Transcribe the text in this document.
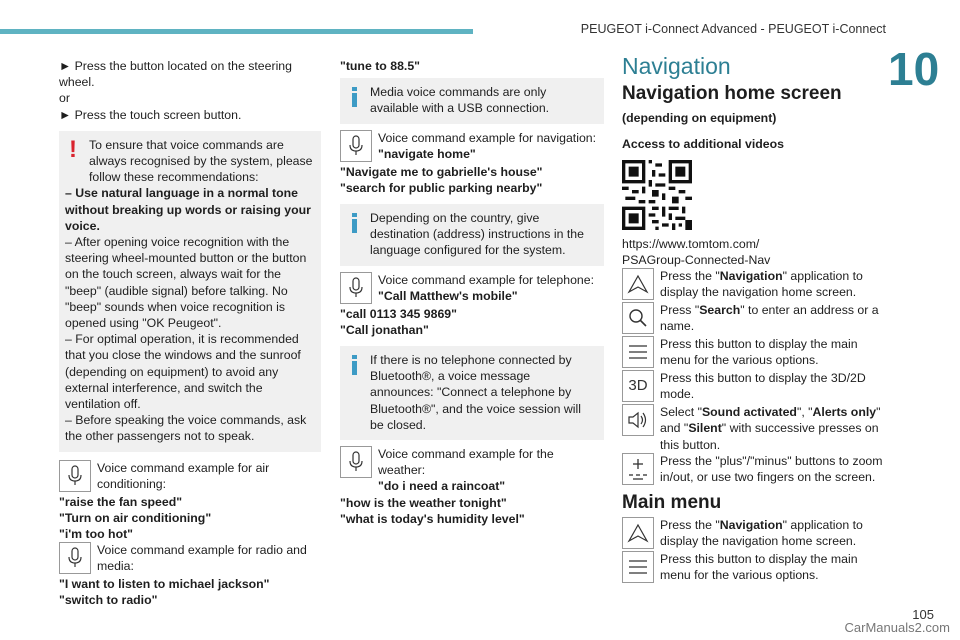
PEUGEOT i-Connect Advanced - PEUGEOT i-Connect
10

► Press the button located on the steering wheel.

or

► Press the touch screen button.

! To ensure that voice commands are always recognised by the system, please follow these recommendations:

– Use natural language in a normal tone without breaking up words or raising your voice.

– After opening voice recognition with the steering wheel-mounted button or the button on the touch screen, always wait for the "beep" (audible signal) before talking. No "beep" sounds when voice recognition is opened using "OK Peugeot".

– For optimal operation, it is recommended that you close the windows and the sunroof (depending on equipment) to avoid any external interference, and switch the ventilation off.

– Before speaking the voice commands, ask the other passengers not to speak.

Voice command example for air conditioning:

"raise the fan speed"

"Turn on air conditioning"

"i'm too hot"

Voice command example for radio and media:

"I want to listen to michael jackson"

"switch to radio"

"tune to 88.5"

Media voice commands are only available with a USB connection.

Voice command example for navigation:

"navigate home"

"Navigate me to gabrielle's house"

"search for public parking nearby"

Depending on the country, give destination (address) instructions in the language configured for the system.

Voice command example for telephone:

"Call Matthew's mobile"

"call 0113 345 9869"

"Call jonathan"

If there is no telephone connected by Bluetooth®, a voice message announces: "Connect a telephone by Bluetooth®", and the voice session will be closed.

Voice command example for the weather:

"do i need a raincoat"

"how is the weather tonight"

"what is today's humidity level"

Navigation
Navigation home screen

(depending on equipment)

Access to additional videos

https://www.tomtom.com/

PSAGroup-Connected-Nav

Press the "Navigation" application to display the navigation home screen.

Press "Search" to enter an address or a name.

Press this button to display the main menu for the various options.

3D	Press this button to display the 3D/2D mode.

Select "Sound activated", "Alerts only" and "Silent" with successive presses on this button.

Press the "plus"/"minus" buttons to zoom in/out, or use two fingers on the screen.

Main menu

Press the "Navigation" application to display the navigation home screen.

Press this button to display the main menu for the various options.

105
CarManuals2.com
